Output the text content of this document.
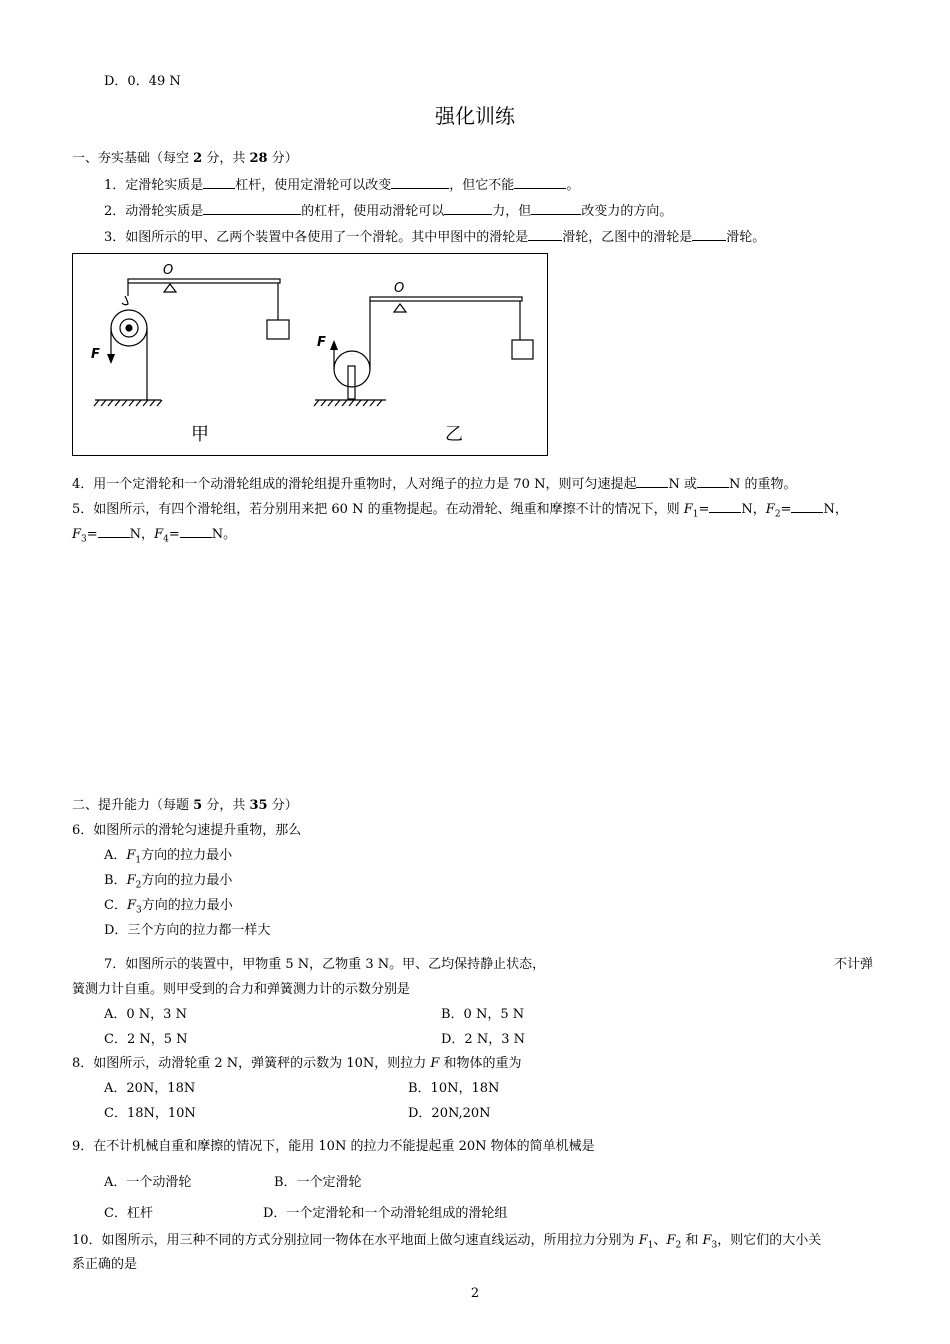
D．0．49 N
强化训练
一、夯实基础（每空 2 分，共 28 分）
1．定滑轮实质是 杠杆，使用定滑轮可以改变	，但它不能	。
2．动滑轮实质是	的杠杆，使用动滑轮可以	力，但	改变力的方向。
3．如图所示的甲、乙两个装置中各使用了一个滑轮。其中甲图中的滑轮是	滑轮，乙图中的滑轮是	滑轮。
O
O
F
F
甲	乙
4．用一个定滑轮和一个动滑轮组成的滑轮组提升重物时，人对绳子的拉力是 70 N，则可匀速提起 N 或 N 的重物。
5．如图所示，有四个滑轮组，若分别用来把 60 N 的重物提起。在动滑轮、绳重和摩擦不计的情况下，则 $F_1= N$，$F_2= N$，
$F_3= N$，$F_4= N$。
二、提升能力（每题 5 分，共 35 分）
6．如图所示的滑轮匀速提升重物，那么
A．$F_1$方向的拉力最小
B．$F_2$方向的拉力最小
C．$F_3$方向的拉力最小
D．三个方向的拉力都一样大
7．如图所示的装置中，甲物重 5 N，乙物重 3 N。甲、乙均保持静止状态，	不计弹
簧测力计自重。则甲受到的合力和弹簧测力计的示数分别是
A．0 N，3 N	B．0 N，5 N
C．2 N，5 N	D．2 N，3 N
8．如图所示，动滑轮重 2 N，弹簧秤的示数为 10N，则拉力 F 和物体的重为
A．20N，18N	B．10N，18N
C．18N，10N	D．20N,20N
9．在不计机械自重和摩擦的情况下，能用 10N 的拉力不能提起重 20N 物体的简单机械是
A．一个动滑轮	B．一个定滑轮
C．杠杆	D．一个定滑轮和一个动滑轮组成的滑轮组
10．如图所示，用三种不同的方式分别拉同一物体在水平地面上做匀速直线运动，所用拉力分别为 $F_1$、$F_2$ 和 $F_3$，则它们的大小关
系正确的是
2
